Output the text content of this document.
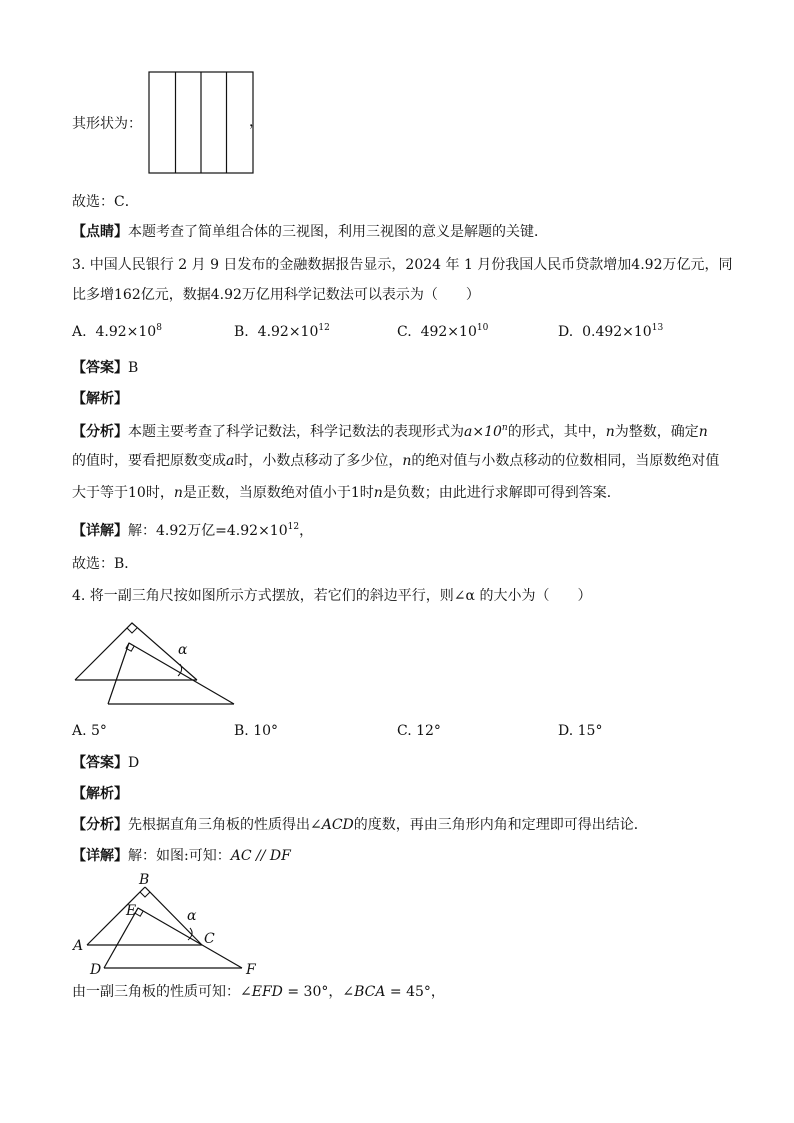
其形状为：	，
故选：C．
【点睛】本题考查了简单组合体的三视图，利用三视图的意义是解题的关键．
3. 中国人民银行 2 月 9 日发布的金融数据报告显示，2024 年 1 月份我国人民币贷款增加4.92万亿元，同
比多增162亿元，数据4.92万亿用科学记数法可以表示为（　　）
A. $4.92\times 10^8$	B. $4.92\times 10^{12}$	C. $492\times 10^{10}$	D. $0.492\times 10^{13}$
【答案】B
【解析】
【分析】本题主要考查了科学记数法，科学记数法的表现形式为$a\times 10^n$的形式，其中，n为整数，确定n
的值时，要看把原数变成a时，小数点移动了多少位，n的绝对值与小数点移动的位数相同，当原数绝对值
大于等于10时，n是正数，当原数绝对值小于1时n是负数；由此进行求解即可得到答案．
【详解】解：4.92万亿$=4.92\times 10^{12}$，
故选：B．
4. 将一副三角尺按如图所示方式摆放，若它们的斜边平行，则∠α 的大小为（　　）
α
A. 5°	B. 10°	C. 12°	D. 15°
【答案】D
【解析】
【分析】先根据直角三角板的性质得出∠ACD的度数，再由三角形内角和定理即可得出结论．
【详解】解：如图:可知：AC // DF
A
B
C
D
E
F
α
由一副三角板的性质可知：∠EFD = 30°，∠BCA = 45°，
